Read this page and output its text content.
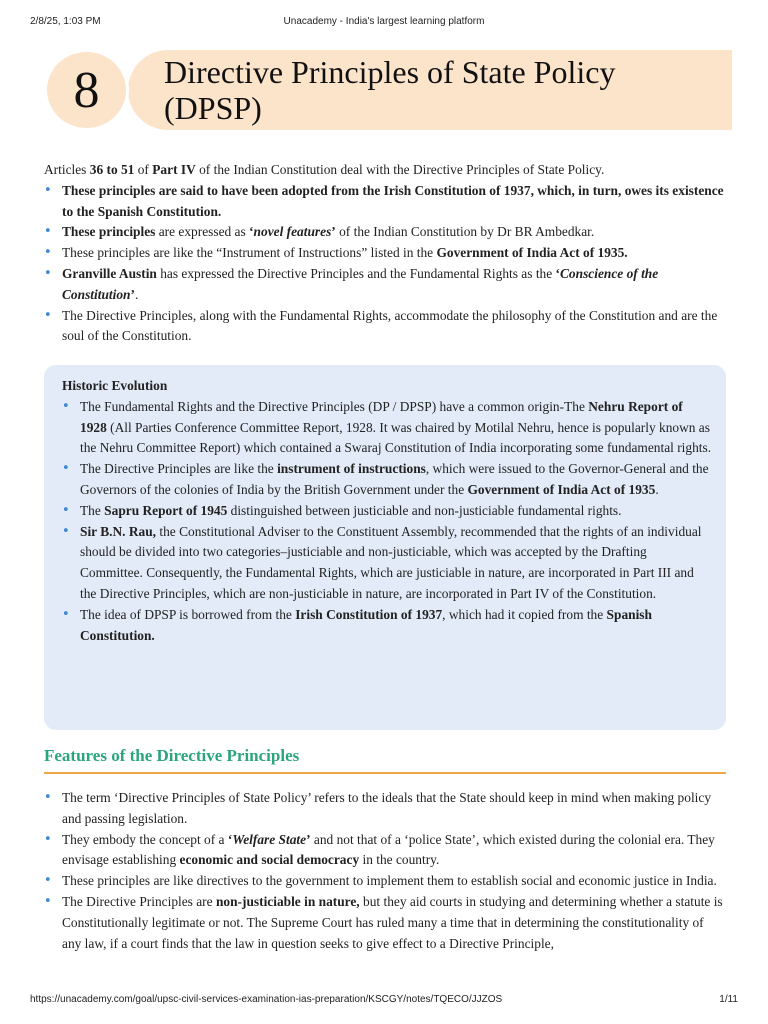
2/8/25, 1:03 PM	Unacademy - India's largest learning platform
8 Directive Principles of State Policy
(DPSP)

Articles 36 to 51 of Part IV of the Indian Constitution deal with the Directive Principles of State Policy.

• These principles are said to have been adopted from the Irish Constitution of 1937, which, in turn, owes its existence to the Spanish Constitution.
• These principles are expressed as ‘novel features’ of the Indian Constitution by Dr BR Ambedkar.
• These principles are like the “Instrument of Instructions” listed in the Government of India Act of 1935.
• Granville Austin has expressed the Directive Principles and the Fundamental Rights as the ‘Conscience of the Constitution’.
• The Directive Principles, along with the Fundamental Rights, accommodate the philosophy of the Constitution and are the soul of the Constitution.
Historic Evolution
• The Fundamental Rights and the Directive Principles (DP / DPSP) have a common origin-The Nehru Report of 1928 (All Parties Conference Committee Report, 1928. It was chaired by Motilal Nehru, hence is popularly known as the Nehru Committee Report) which contained a Swaraj Constitution of India incorporating some fundamental rights.
• The Directive Principles are like the instrument of instructions, which were issued to the Governor-General and the Governors of the colonies of India by the British Government under the Government of India Act of 1935.
• The Sapru Report of 1945 distinguished between justiciable and non-justiciable fundamental rights.
• Sir B.N. Rau, the Constitutional Adviser to the Constituent Assembly, recommended that the rights of an individual should be divided into two categories–justiciable and non-justiciable, which was accepted by the Drafting Committee. Consequently, the Fundamental Rights, which are justiciable in nature, are incorporated in Part III and the Directive Principles, which are non-justiciable in nature, are incorporated in Part IV of the Constitution.
• The idea of DPSP is borrowed from the Irish Constitution of 1937, which had it copied from the Spanish Constitution.
Features of the Directive Principles
• The term ‘Directive Principles of State Policy’ refers to the ideals that the State should keep in mind when making policy and passing legislation.
• They embody the concept of a ‘Welfare State’ and not that of a ‘police State’, which existed during the colonial era. They envisage establishing economic and social democracy in the country.
• These principles are like directives to the government to implement them to establish social and economic justice in India.
• The Directive Principles are non-justiciable in nature, but they aid courts in studying and determining whether a statute is Constitutionally legitimate or not. The Supreme Court has ruled many a time that in determining the constitutionality of any law, if a court finds that the law in question seeks to give effect to a Directive Principle,
https://unacademy.com/goal/upsc-civil-services-examination-ias-preparation/KSCGY/notes/TQECO/JJZOS	1/11
